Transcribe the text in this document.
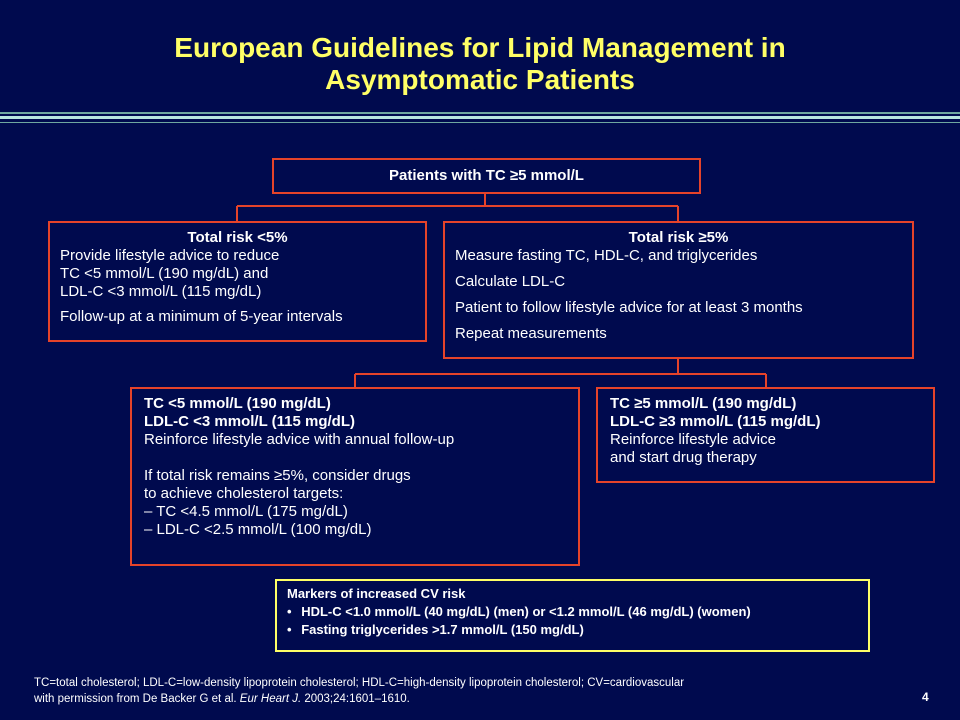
European Guidelines for Lipid Management in
Asymptomatic Patients
Patients with TC ≥5 mmol/L
Total risk <5%
Provide lifestyle advice to reduce
TC <5 mmol/L (190 mg/dL) and
LDL-C <3 mmol/L (115 mg/dL)
Follow-up at a minimum of 5-year intervals
Total risk ≥5%
Measure fasting TC, HDL-C, and triglycerides
Calculate LDL-C
Patient to follow lifestyle advice for at least 3 months
Repeat measurements
TC <5 mmol/L (190 mg/dL)
LDL-C <3 mmol/L (115 mg/dL)
Reinforce lifestyle advice with annual follow-up
If total risk remains ≥5%, consider drugs
to achieve cholesterol targets:
– TC <4.5 mmol/L (175 mg/dL)
– LDL-C <2.5 mmol/L (100 mg/dL)
TC ≥5 mmol/L (190 mg/dL)
LDL-C ≥3 mmol/L (115 mg/dL)
Reinforce lifestyle advice
and start drug therapy
Markers of increased CV risk
• HDL-C <1.0 mmol/L (40 mg/dL) (men) or <1.2 mmol/L (46 mg/dL) (women)
• Fasting triglycerides >1.7 mmol/L (150 mg/dL)
TC=total cholesterol; LDL-C=low-density lipoprotein cholesterol; HDL-C=high-density lipoprotein cholesterol; CV=cardiovascular
with permission from De Backer G et al. Eur Heart J. 2003;24:1601–1610.	4
